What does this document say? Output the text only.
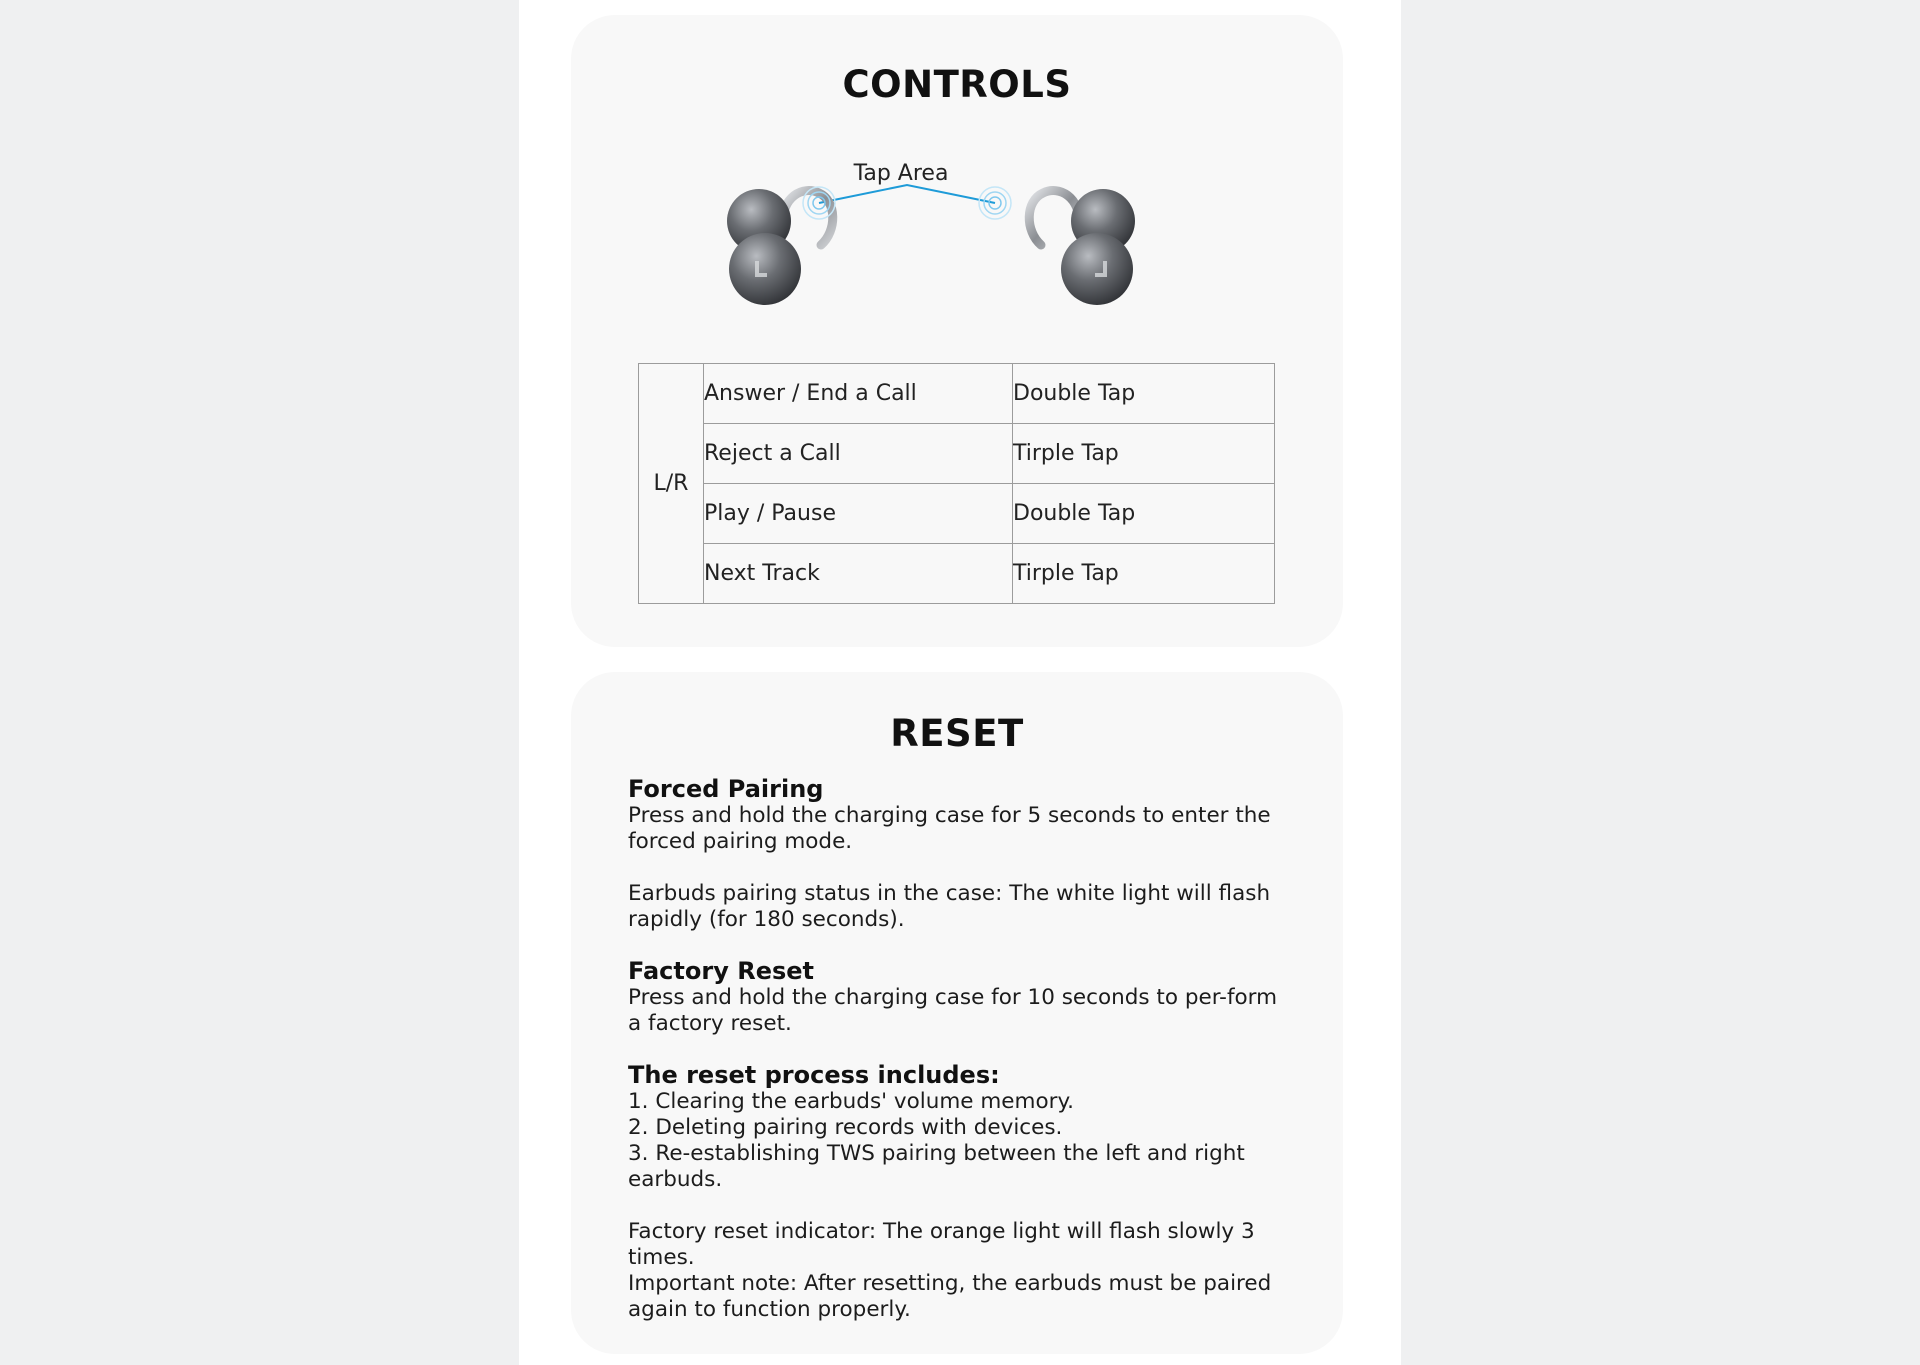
CONTROLS
Tap Area
L/R	Answer / End a Call	Double Tap
	Reject a Call	Tirple Tap
	Play / Pause	Double Tap
	Next Track	Tirple Tap
RESET
Forced Pairing

Press and hold the charging case for 5 seconds to enter the forced pairing mode.

Earbuds pairing status in the case: The white light will flash rapidly (for 180 seconds).

Factory Reset

Press and hold the charging case for 10 seconds to per-form a factory reset.

The reset process includes:

1. Clearing the earbuds' volume memory.

2. Deleting pairing records with devices.

3. Re-establishing TWS pairing between the left and right earbuds.

Factory reset indicator: The orange light will flash slowly 3 times.

Important note: After resetting, the earbuds must be paired again to function properly.
